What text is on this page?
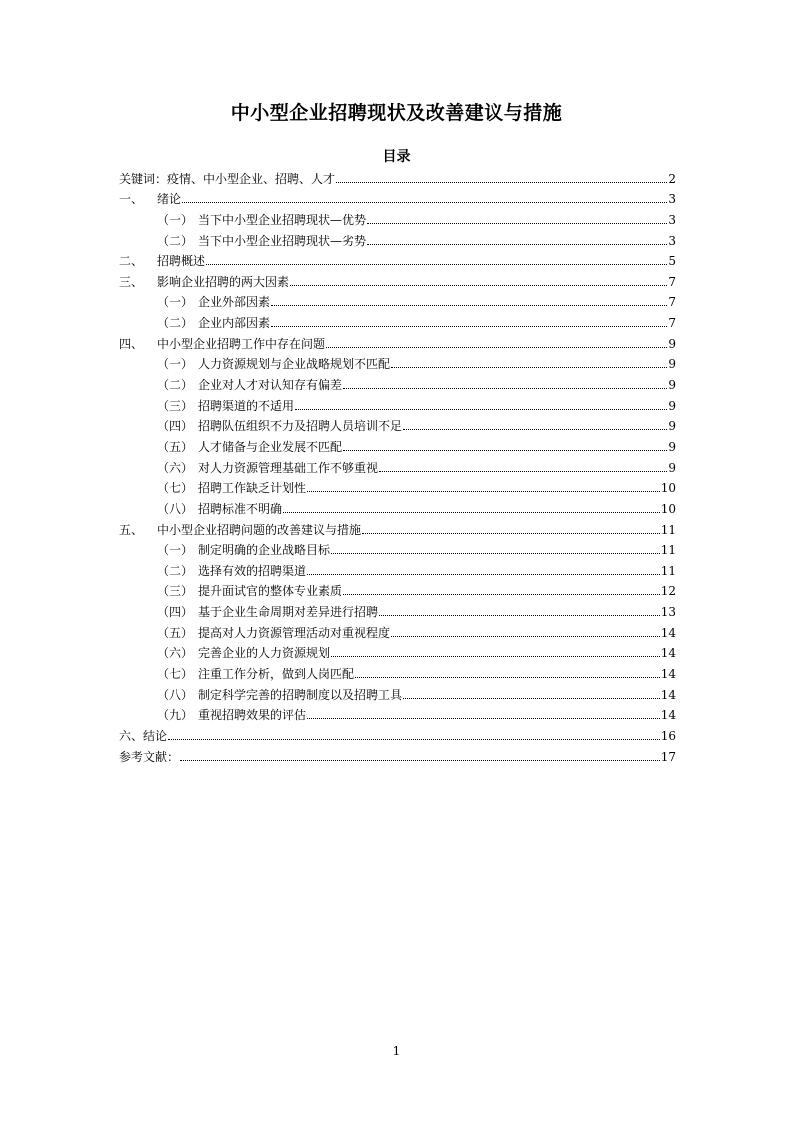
中小型企业招聘现状及改善建议与措施
目录
关键词：疫情、中小型企业、招聘、人才	2
一、	绪论	3
（一） 当下中小型企业招聘现状—优势	3
（二） 当下中小型企业招聘现状—劣势	3
二、	招聘概述	5
三、	影响企业招聘的两大因素	7
（一） 企业外部因素	7
（二） 企业内部因素	7
四、	中小型企业招聘工作中存在问题	9
（一） 人力资源规划与企业战略规划不匹配	9
（二） 企业对人才对认知存有偏差	9
（三） 招聘渠道的不适用	9
（四） 招聘队伍组织不力及招聘人员培训不足	9
（五） 人才储备与企业发展不匹配	9
（六） 对人力资源管理基础工作不够重视	9
（七） 招聘工作缺乏计划性	10
（八） 招聘标准不明确	10
五、	中小型企业招聘问题的改善建议与措施	11
（一） 制定明确的企业战略目标	11
（二） 选择有效的招聘渠道	11
（三） 提升面试官的整体专业素质	12
（四） 基于企业生命周期对差异进行招聘	13
（五） 提高对人力资源管理活动对重视程度	14
（六） 完善企业的人力资源规划	14
（七） 注重工作分析，做到人岗匹配	14
（八） 制定科学完善的招聘制度以及招聘工具	14
（九） 重视招聘效果的评估	14
六、结论	16
参考文献：	17
1
